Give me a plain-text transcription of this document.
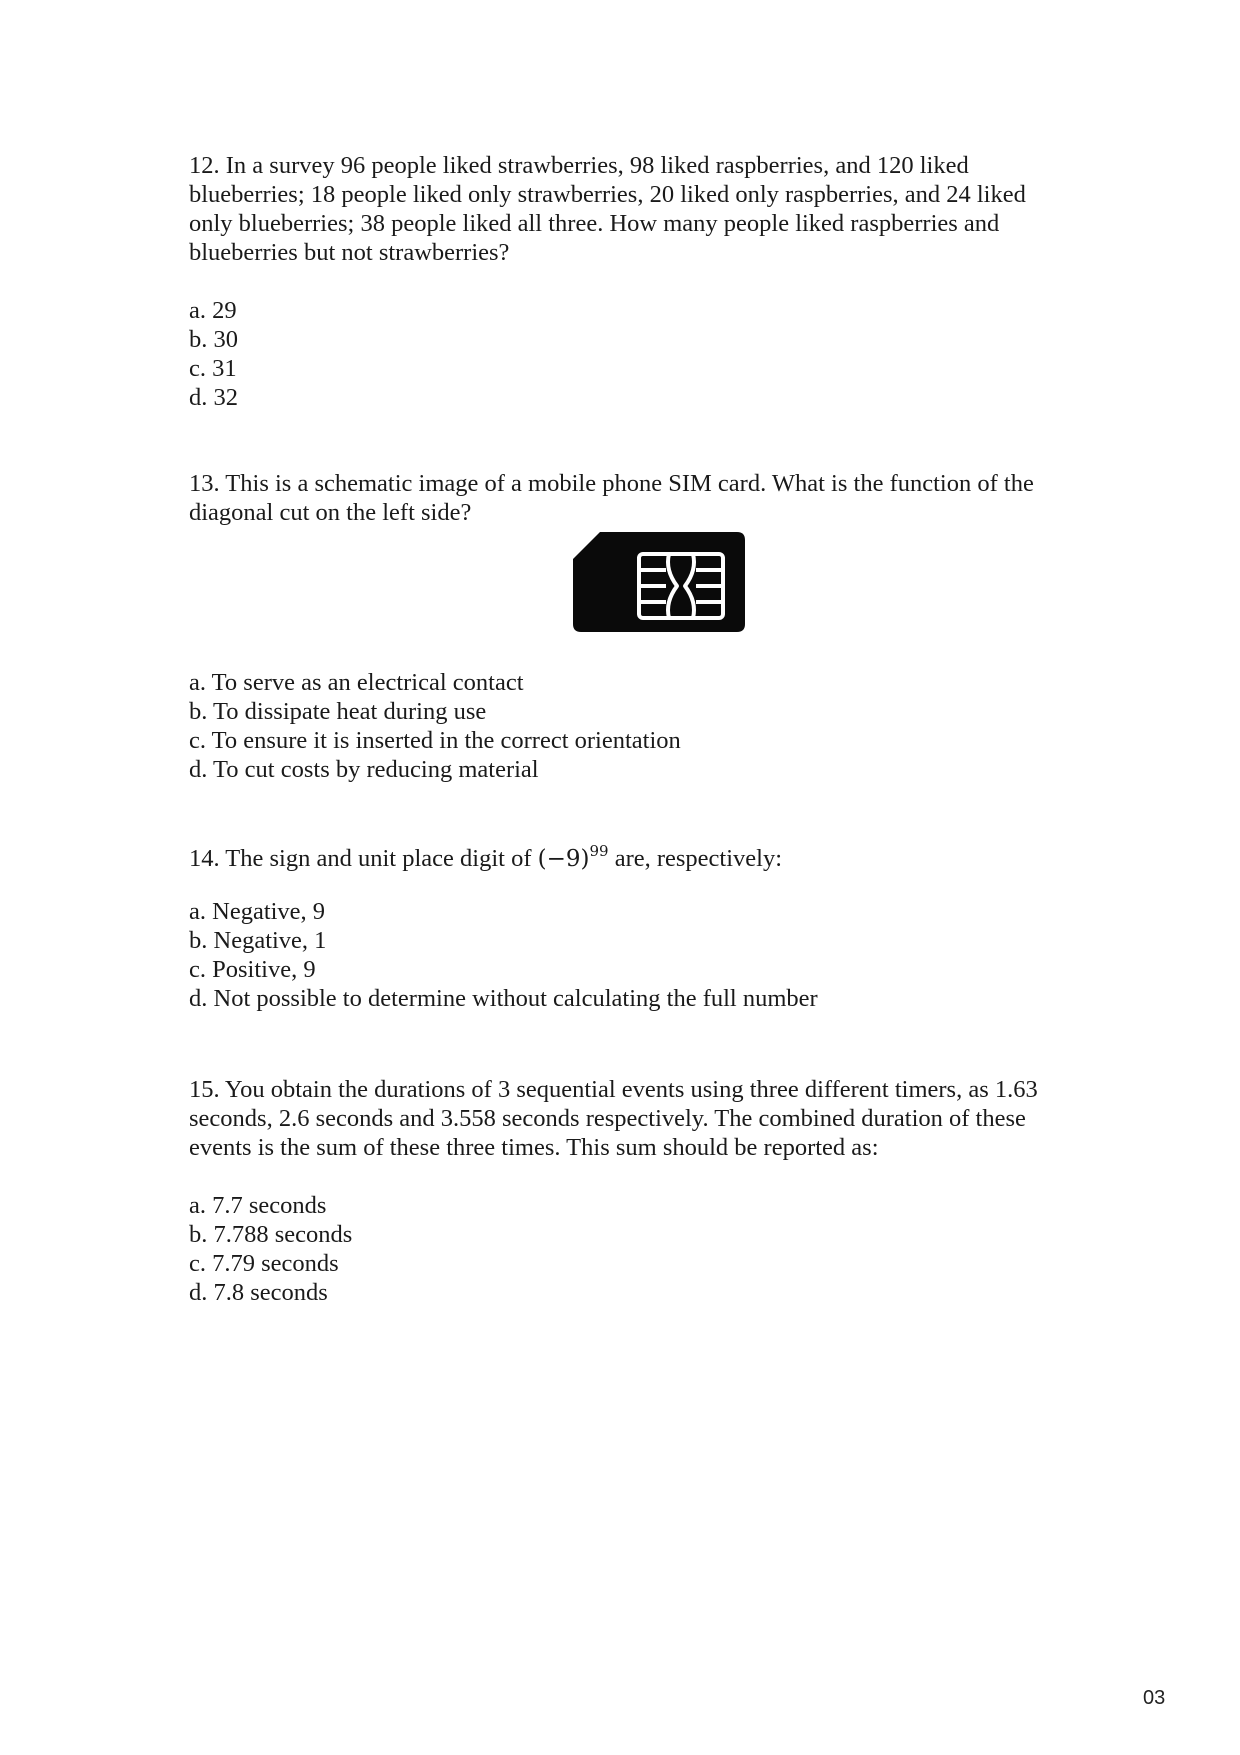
12. In a survey 96 people liked strawberries, 98 liked raspberries, and 120 liked blueberries; 18 people liked only strawberries, 20 liked only raspberries, and 24 liked only blueberries; 38 people liked all three. How many people liked raspberries and blueberries but not strawberries?

a. 29
b. 30
c. 31
d. 32

13. This is a schematic image of a mobile phone SIM card. What is the function of the diagonal cut on the left side?

a. To serve as an electrical contact
b. To dissipate heat during use
c. To ensure it is inserted in the correct orientation
d. To cut costs by reducing material

14. The sign and unit place digit of $(-9)^{99}$ are, respectively:

a. Negative, 9
b. Negative, 1
c. Positive, 9
d. Not possible to determine without calculating the full number

15. You obtain the durations of 3 sequential events using three different timers, as 1.63 seconds, 2.6 seconds and 3.558 seconds respectively. The combined duration of these events is the sum of these three times. This sum should be reported as:

a. 7.7 seconds
b. 7.788 seconds
c. 7.79 seconds
d. 7.8 seconds
03
